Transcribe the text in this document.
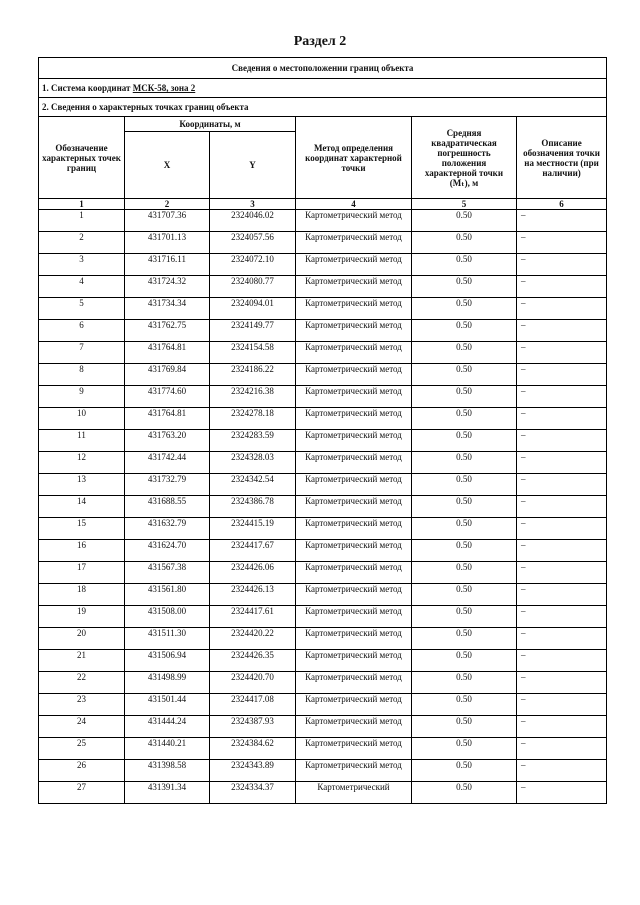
Раздел 2
Сведения о местоположении границ объекта					
1. Система координат МСК-58, зона 2					
2. Сведения о характерных точках границ объекта					
Обозначение характерных точек границ	Координаты, м		Метод определения координат характерной точки	Средняя квадратическая погрешность положения характерной точки (Mₜ), м	Описание обозначения точки на местности (при наличии)
	X	Y			
1	2	3	4	5	6
1	431707.36	2324046.02	Картометрический метод	0.50	–
2	431701.13	2324057.56	Картометрический метод	0.50	–
3	431716.11	2324072.10	Картометрический метод	0.50	–
4	431724.32	2324080.77	Картометрический метод	0.50	–
5	431734.34	2324094.01	Картометрический метод	0.50	–
6	431762.75	2324149.77	Картометрический метод	0.50	–
7	431764.81	2324154.58	Картометрический метод	0.50	–
8	431769.84	2324186.22	Картометрический метод	0.50	–
9	431774.60	2324216.38	Картометрический метод	0.50	–
10	431764.81	2324278.18	Картометрический метод	0.50	–
11	431763.20	2324283.59	Картометрический метод	0.50	–
12	431742.44	2324328.03	Картометрический метод	0.50	–
13	431732.79	2324342.54	Картометрический метод	0.50	–
14	431688.55	2324386.78	Картометрический метод	0.50	–
15	431632.79	2324415.19	Картометрический метод	0.50	–
16	431624.70	2324417.67	Картометрический метод	0.50	–
17	431567.38	2324426.06	Картометрический метод	0.50	–
18	431561.80	2324426.13	Картометрический метод	0.50	–
19	431508.00	2324417.61	Картометрический метод	0.50	–
20	431511.30	2324420.22	Картометрический метод	0.50	–
21	431506.94	2324426.35	Картометрический метод	0.50	–
22	431498.99	2324420.70	Картометрический метод	0.50	–
23	431501.44	2324417.08	Картометрический метод	0.50	–
24	431444.24	2324387.93	Картометрический метод	0.50	–
25	431440.21	2324384.62	Картометрический метод	0.50	–
26	431398.58	2324343.89	Картометрический метод	0.50	–
27	431391.34	2324334.37	Картометрический	0.50	–
